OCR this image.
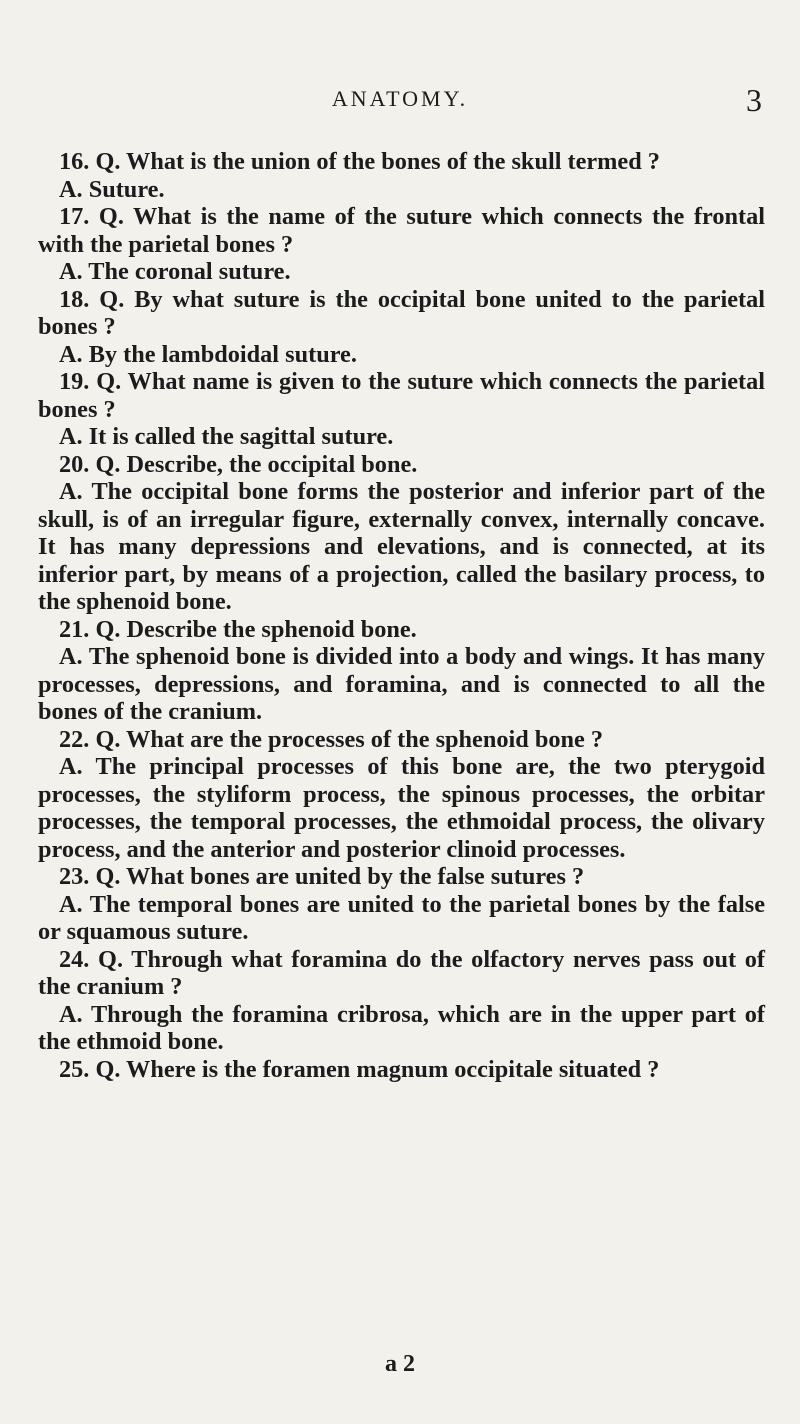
ANATOMY.	3

16. Q. What is the union of the bones of the skull termed ?

A. Suture.

17. Q. What is the name of the suture which connects the frontal with the parietal bones ?

A. The coronal suture.

18. Q. By what suture is the occipital bone united to the parietal bones ?

A. By the lambdoidal suture.

19. Q. What name is given to the suture which connects the parietal bones ?

A. It is called the sagittal suture.

20. Q. Describe, the occipital bone.

A. The occipital bone forms the posterior and inferior part of the skull, is of an irregular figure, externally convex, internally concave. It has many depressions and elevations, and is connected, at its inferior part, by means of a projection, called the basilary process, to the sphenoid bone.

21. Q. Describe the sphenoid bone.

A. The sphenoid bone is divided into a body and wings. It has many processes, depressions, and foramina, and is connected to all the bones of the cranium.

22. Q. What are the processes of the sphenoid bone ?

A. The principal processes of this bone are, the two pterygoid processes, the styliform process, the spinous processes, the orbitar processes, the temporal processes, the ethmoidal process, the olivary process, and the anterior and posterior clinoid processes.

23. Q. What bones are united by the false sutures ?

A. The temporal bones are united to the parietal bones by the false or squamous suture.

24. Q. Through what foramina do the olfactory nerves pass out of the cranium ?

A. Through the foramina cribrosa, which are in the upper part of the ethmoid bone.

25. Q. Where is the foramen magnum occipitale situated ?

a 2
